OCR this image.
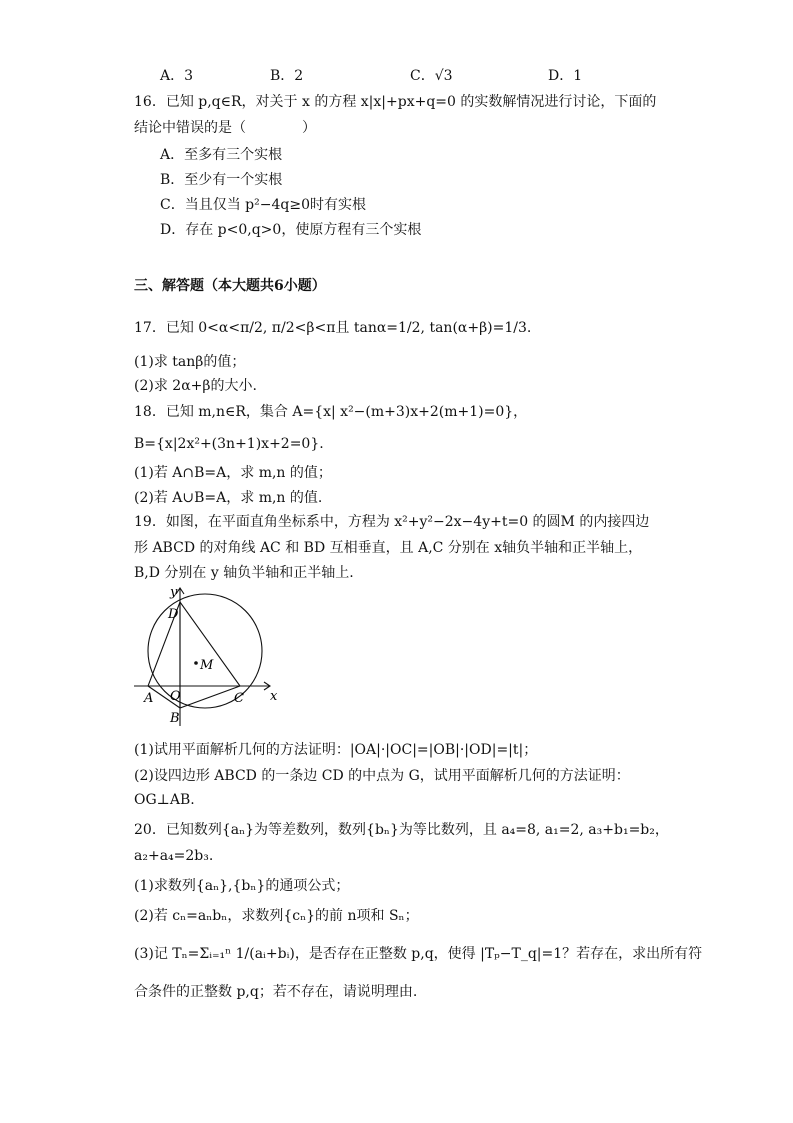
A．3	B．2	C．√3	D．1
16．已知 p,q∈R，对关于 x 的方程 x|x|+px+q=0 的实数解情况进行讨论，下面的
结论中错误的是（　　　　）
A．至多有三个实根
B．至少有一个实根
C．当且仅当 p²−4q≥0时有实根
D．存在 p<0,q>0，使原方程有三个实根
三、解答题（本大题共6小题）
17．已知 0<α<π/2, π/2<β<π且 tanα=1/2, tan(α+β)=1/3.
(1)求 tanβ的值；
(2)求 2α+β的大小.
18．已知 m,n∈R，集合 A={x| x²−(m+3)x+2(m+1)=0}，
B={x|2x²+(3n+1)x+2=0}.
(1)若 A∩B=A，求 m,n 的值；
(2)若 A∪B=A，求 m,n 的值.
19．如图，在平面直角坐标系中，方程为 x²+y²−2x−4y+t=0 的圆M 的内接四边
形 ABCD 的对角线 AC 和 BD 互相垂直，且 A,C 分别在 x轴负半轴和正半轴上，
B,D 分别在 y 轴负半轴和正半轴上.
y
x
D
M
A O
B
C
(1)试用平面解析几何的方法证明：|OA|·|OC|=|OB|·|OD|=|t|；
(2)设四边形 ABCD 的一条边 CD 的中点为 G，试用平面解析几何的方法证明：
OG⊥AB.
20．已知数列{aₙ}为等差数列，数列{bₙ}为等比数列，且 a₄=8, a₁=2, a₃+b₁=b₂，
a₂+a₄=2b₃.
(1)求数列{aₙ},{bₙ}的通项公式；
(2)若 cₙ=aₙbₙ，求数列{cₙ}的前 n项和 Sₙ；
(3)记 Tₙ=Σᵢ₌₁ⁿ 1/(aᵢ+bᵢ)，是否存在正整数 p,q，使得 |Tₚ−T_q|=1？若存在，求出所有符
合条件的正整数 p,q；若不存在，请说明理由.
